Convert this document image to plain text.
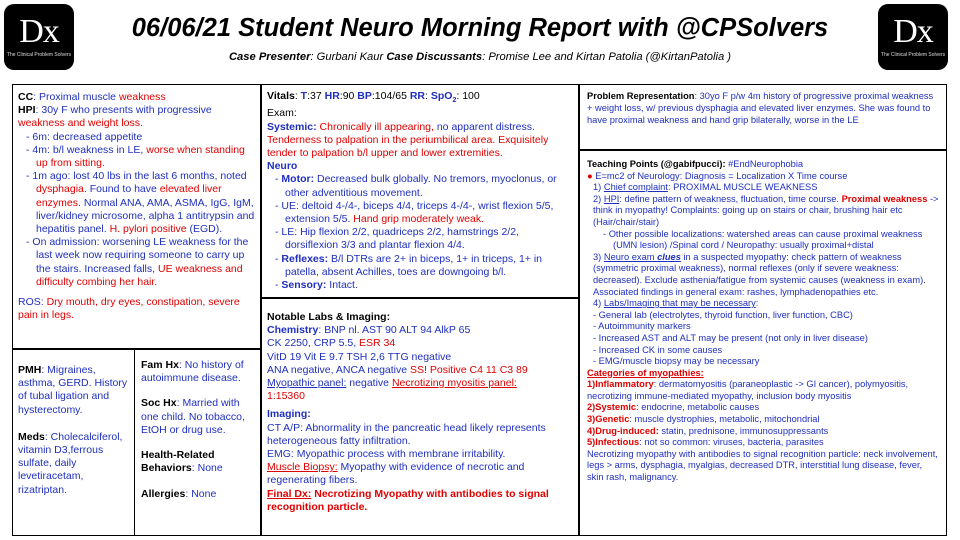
Dx
The Clinical Problem Solvers
Dx
The Clinical Problem Solvers
06/06/21 Student Neuro Morning Report with @CPSolvers
Case Presenter: Gurbani Kaur Case Discussants: Promise Lee and Kirtan Patolia (@KirtanPatolia )
CC: Proximal muscle weakness
HPI: 30y F who presents with progressive weakness and weight loss.
- 6m: decreased appetite
- 4m: b/l weakness in LE, worse when standing up from sitting.
- 1m ago: lost 40 lbs in the last 6 months, noted dysphagia. Found to have elevated liver enzymes. Normal ANA, AMA, ASMA, IgG, IgM, liver/kidney microsome, alpha 1 antitrypsin and hepatitis panel. H. pylori positive (EGD).
- On admission: worsening LE weakness for the last week now requiring someone to carry up the stairs. Increased falls, UE weakness and difficulty combing her hair.
ROS: Dry mouth, dry eyes, constipation, severe pain in legs.
PMH: Migraines, asthma, GERD. History of tubal ligation and hysterectomy.
Meds: Cholecalciferol, vitamin D3,ferrous sulfate, daily levetiracetam, rizatriptan.
Fam Hx: No history of autoimmune disease.
Soc Hx: Married with one child. No tobacco, EtOH or drug use.
Health-Related Behaviors: None
Allergies: None
Vitals: T:37 HR:90 BP:104/65 RR: SpO$_2$: 100
Exam:
Systemic: Chronically ill appearing, no apparent distress. Tenderness to palpation in the periumbilical area. Exquisitely tender to palpation b/l upper and lower extremities.
Neuro
- Motor: Decreased bulk globally. No tremors, myoclonus, or other adventitious movement.
- UE: deltoid 4-/4-, biceps 4/4, triceps 4-/4-, wrist flexion 5/5, extension 5/5. Hand grip moderately weak.
- LE: Hip flexion 2/2, quadriceps 2/2, hamstrings 2/2, dorsiflexion 3/3 and plantar flexion 4/4.
- Reflexes: B/l DTRs are 2+ in biceps, 1+ in triceps, 1+ in patella, absent Achilles, toes are downgoing b/l.
- Sensory: Intact.
Notable Labs & Imaging:
Chemistry: BNP nl. AST 90 ALT 94 AlkP 65
CK 2250, CRP 5.5, ESR 34
VitD 19 Vit E 9.7 TSH 2,6 TTG negative
ANA negative, ANCA negative SS! Positive C4 11 C3 89
Myopathic panel: negative Necrotizing myositis panel:
1:15360
Imaging:
CT A/P: Abnormality in the pancreatic head likely represents heterogeneous fatty infiltration.
EMG: Myopathic process with membrane irritability.
Muscle Biopsy: Myopathy with evidence of necrotic and regenerating fibers.
Final Dx: Necrotizing Myopathy with antibodies to signal recognition particle.
Problem Representation: 30yo F p/w 4m history of progressive proximal weakness + weight loss, w/ previous dysphagia and elevated liver enzymes. She was found to have proximal weakness and hand grip bilaterally, worse in the LE
Teaching Points (@gabifpucci): #EndNeurophobia
● E=mc2 of Neurology: Diagnosis = Localization X Time course
1) Chief complaint: PROXIMAL MUSCLE WEAKNESS
2) HPI: define pattern of weakness, fluctuation, time course. Proximal weakness -> think in myopathy! Complaints: going up on stairs or chair, brushing hair etc (Hair/chair/stair)
- Other possible localizations: watershed areas can cause proximal weakness (UMN lesion) /Spinal cord / Neuropathy: usually proximal+distal
3) Neuro exam clues in a suspected myopathy: check pattern of weakness (symmetric proximal weakness), normal reflexes (only if severe weakness: decreased). Exclude asthenia/fatigue from systemic causes (weakness in exam). Associated findings in general exam: rashes, lymphadenopathies etc.
4) Labs/Imaging that may be necessary:
- General lab (electrolytes, thyroid function, liver function, CBC)
- Autoimmunity markers
- Increased AST and ALT may be present (not only in liver disease)
- Increased CK in some causes
- EMG/muscle biopsy may be necessary
Categories of myopathies:
1)Inflammatory: dermatomyositis (paraneoplastic -> GI cancer), polymyositis, necrotizing immune-mediated myopathy, inclusion body myositis
2)Systemic: endocrine, metabolic causes
3)Genetic: muscle dystrophies, metabolic, mitochondrial
4)Drug-induced: statin, prednisone, immunosuppressants
5)Infectious: not so common: viruses, bacteria, parasites
Necrotizing myopathy with antibodies to signal recognition particle: neck involvement, legs > arms, dysphagia, myalgias, decreased DTR, interstitial lung disease, fever, skin rash, malignancy.
